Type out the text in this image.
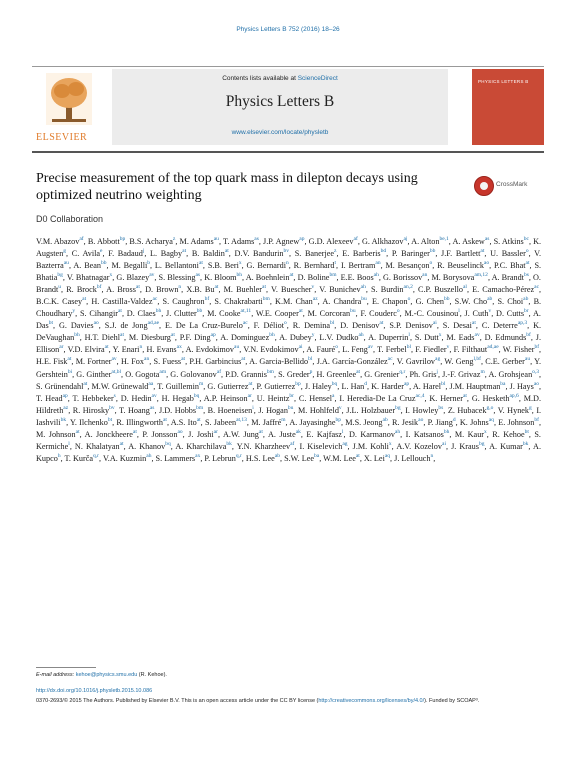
Physics Letters B 752 (2016) 18–26
ELSEVIER
Contents lists available at ScienceDirect
Physics Letters B
www.elsevier.com/locate/physletb
PHYSICS LETTERS B
Precise measurement of the top quark mass in dilepton decays using optimized neutrino weighting
CrossMark
D0 Collaboration
V.M. Abazov$^{af}$, B. Abbott$^{bp}$, B.S. Acharya$^z$, M. Adams$^{au}$, T. Adams$^{as}$, J.P. Agnew$^{ap}$, G.D. Alexeev$^{af}$, G. Alkhazov$^{aj}$, A. Alton$^{be,1}$, A. Askew$^{as}$, S. Atkins$^{bc}$, K. Augsten$^g$, C. Avila$^e$, F. Badaud$^j$, L. Bagby$^{at}$, B. Baldin$^{at}$, D.V. Bandurin$^{bv}$, S. Banerjee$^z$, E. Barberis$^{bd}$, P. Baringer$^{bb}$, J.F. Bartlett$^{at}$, U. Bassler$^o$, V. Bazterra$^{au}$, A. Bean$^{bb}$, M. Begalli$^b$, L. Bellantoni$^{at}$, S.B. Beri$^x$, G. Bernardi$^n$, R. Bernhard$^t$, I. Bertram$^{an}$, M. Besançon$^o$, R. Beuselinck$^{ao}$, P.C. Bhat$^{at}$, S. Bhatia$^{bg}$, V. Bhatnagar$^x$, G. Blazey$^{av}$, S. Blessing$^{as}$, K. Bloom$^{bh}$, A. Boehnlein$^{at}$, D. Boline$^{bm}$, E.E. Boos$^{ah}$, G. Borissov$^{an}$, M. Borysova$^{am,12}$, A. Brandt$^{bs}$, O. Brandt$^u$, R. Brock$^{bf}$, A. Bross$^{at}$, D. Brown$^n$, X.B. $Bu^{at}$, M. Buehler$^{at}$, V. Buescher$^v$, V. Bunichev$^{ah}$, S. Burdin$^{an,2}$, C.P. Buszello$^{al}$, E. Camacho-Pérez$^{ac}$, B.C.K. Casey$^{at}$, H. Castilla-Valdez$^{ac}$, S. Caughron$^{bf}$, S. Chakrabarti$^{bm}$, K.M. Chan$^{az}$, A. Chandra$^{bu}$, E. Chapon$^o$, G. Chen$^{bb}$, S.W. Cho$^{ab}$, S. Choi$^{ab}$, B. Choudhary$^y$, S. Cihangir$^{at}$, D. Claes$^{bh}$, J. Clutter$^{bb}$, M. Cooke$^{at,11}$, W.E. Cooper$^{at}$, M. Corcoran$^{bu}$, F. Couderc$^o$, M.-C. Cousinou$^l$, J. Cuth$^v$, D. Cutts$^{br}$, A. Das$^{bt}$, G. Davies$^{ao}$, S.J. de Jong$^{ad,ae}$, E. De La Cruz-Burelo$^{ac}$, F. Déliot$^o$, R. Demina$^{bl}$, D. Denisov$^{at}$, S.P. Denisov$^{ai}$, S. Desai$^{at}$, C. Deterre$^{ap,3}$, K. DeVaughan$^{bh}$, H.T. Diehl$^{at}$, M. Diesburg$^{at}$, P.F. Ding$^{ap}$, A. Dominguez$^{bh}$, A. Dubey$^y$, L.V. Dudko$^{ah}$, A. Duperrin$^l$, S. Dutt$^x$, M. Eads$^{av}$, D. Edmunds$^{bf}$, J. Ellison$^{ar}$, V.D. Elvira$^{at}$, Y. Enari$^n$, H. Evans$^{ax}$, A. Evdokimov$^{au}$, V.N. Evdokimov$^{ai}$, A. Fauré$^o$, L. Feng$^{av}$, T. Ferbel$^{bl}$, F. Fiedler$^v$, F. Filthaut$^{ad,ae}$, W. Fisher$^{bf}$, H.E. Fisk$^{at}$, M. Fortner$^{av}$, H. Fox$^{an}$, S. Fuess$^{at}$, P.H. Garbincius$^{at}$, A. Garcia-Bellido$^{bl}$, J.A. García-González$^{ac}$, V. Gavrilov$^{ag}$, W. Geng$^{l,bf}$, C.E. Gerber$^{au}$, Y. Gershtein$^{bi}$, G. Ginther$^{at,bl}$, O. Gogota$^{am}$, G. Golovanov$^{af}$, P.D. Grannis$^{bm}$, S. Greder$^p$, H. Greenlee$^{at}$, G. Grenier$^{q,r}$, Ph. Gris$^j$, J.-F. Grivaz$^m$, A. Grohsjean$^{o,3}$, S. Grünendahl$^{at}$, M.W. Grünewald$^{aa}$, T. Guillemin$^m$, G. Gutierrez$^{at}$, P. Gutierrez$^{bp}$, J. Haley$^{bq}$, L. Han$^d$, K. Harder$^{ap}$, A. Harel$^{bl}$, J.M. Hauptman$^{ba}$, J. Hays$^{ao}$, T. Head$^{ap}$, T. Hebbeker$^s$, D. Hedin$^{av}$, H. Hegab$^{bq}$, A.P. Heinson$^{ar}$, U. Heintz$^{br}$, C. Hensel$^a$, I. Heredia-De La Cruz$^{ac,4}$, K. Herner$^{at}$, G. Hesketh$^{ap,6}$, M.D. Hildreth$^{az}$, R. Hirosky$^{bv}$, T. Hoang$^{as}$, J.D. Hobbs$^{bm}$, B. Hoeneisen$^i$, J. Hogan$^{bu}$, M. Hohlfeld$^v$, J.L. Holzbauer$^{bg}$, I. Howley$^{bs}$, Z. Hubacek$^{g,o}$, V. Hynek$^g$, I. Iashvili$^{bk}$, Y. Ilchenko$^{bt}$, R. Illingworth$^{at}$, A.S. Ito$^{at}$, S. Jabeen$^{at,13}$, M. Jaffré$^m$, A. Jayasinghe$^{bp}$, M.S. Jeong$^{ab}$, R. Jesik$^{ao}$, P. Jiang$^d$, K. Johns$^{aq}$, E. Johnson$^{bf}$, M. Johnson$^{at}$, A. Jonckheere$^{at}$, P. Jonsson$^{ao}$, J. Joshi$^{ar}$, A.W. Jung$^{at}$, A. Juste$^{ak}$, E. Kajfasz$^l$, D. Karmanov$^{ah}$, I. Katsanos$^{bh}$, M. Kaur$^x$, R. Kehoe$^{bt}$, S. Kermiche$^l$, N. Khalatyan$^{at}$, A. Khanov$^{bq}$, A. Kharchilava$^{bk}$, Y.N. Kharzheev$^{af}$, I. Kiselevich$^{ag}$, J.M. Kohli$^x$, A.V. Kozelov$^{ai}$, J. Kraus$^{bg}$, A. Kumar$^{bk}$, A. Kupco$^h$, T. Kurča$^{q,r}$, V.A. Kuzmin$^{ah}$, S. Lammers$^{ax}$, P. Lebrun$^{q,r}$, H.S. Lee$^{ab}$, S.W. Lee$^{ba}$, W.M. Lee$^{at}$, X. Lei$^{aq}$, J. Lellouch$^n$,
E-mail address: kehoe@physics.smu.edu (R. Kehoe).
http://dx.doi.org/10.1016/j.physletb.2015.10.086
0370-2693/© 2015 The Authors. Published by Elsevier B.V. This is an open access article under the CC BY license (http://creativecommons.org/licenses/by/4.0/). Funded by SCOAP³.
